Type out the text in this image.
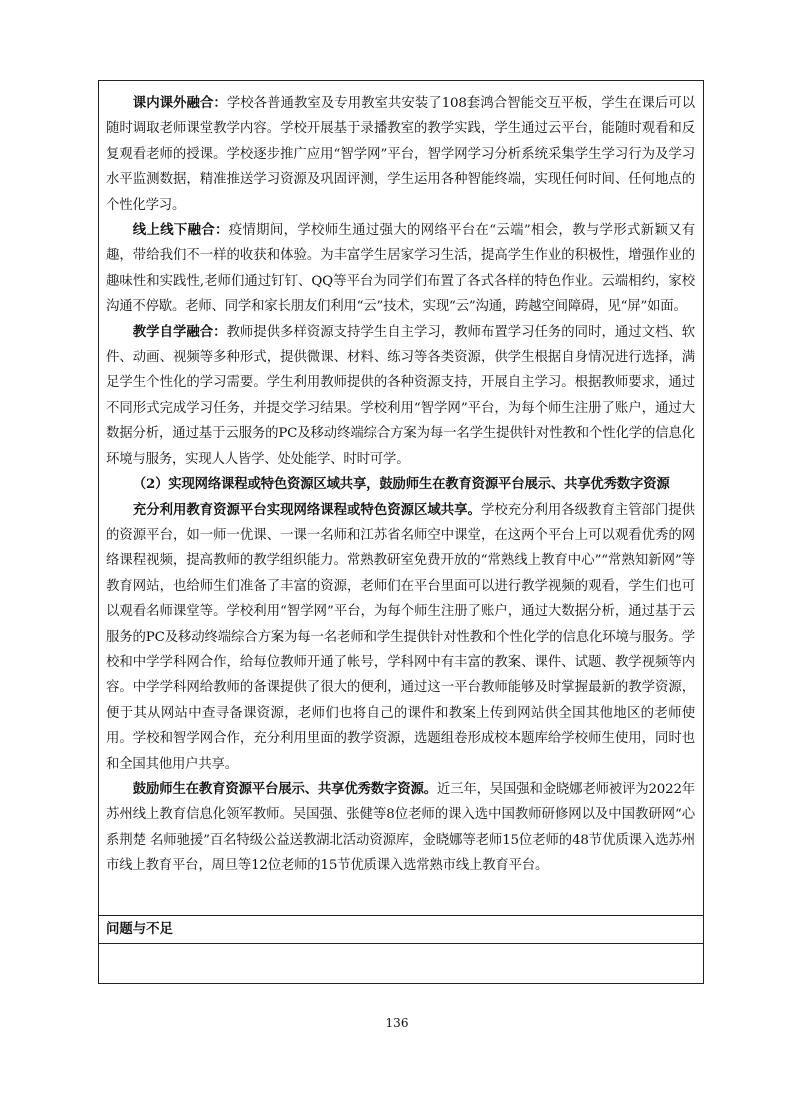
课内课外融合：学校各普通教室及专用教室共安装了108套鸿合智能交互平板，学生在课后可以随时调取老师课堂教学内容。学校开展基于录播教室的教学实践，学生通过云平台，能随时观看和反复观看老师的授课。学校逐步推广应用“智学网”平台，智学网学习分析系统采集学生学习行为及学习水平监测数据，精准推送学习资源及巩固评测，学生运用各种智能终端，实现任何时间、任何地点的个性化学习。

线上线下融合：疫情期间，学校师生通过强大的网络平台在“云端”相会，教与学形式新颖又有趣，带给我们不一样的收获和体验。为丰富学生居家学习生活，提高学生作业的积极性，增强作业的趣味性和实践性,老师们通过钉钉、QQ等平台为同学们布置了各式各样的特色作业。云端相约，家校沟通不停歇。老师、同学和家长朋友们利用“云”技术，实现“云”沟通，跨越空间障碍，见“屏”如面。

教学自学融合：教师提供多样资源支持学生自主学习，教师布置学习任务的同时，通过文档、软件、动画、视频等多种形式，提供微课、材料、练习等各类资源，供学生根据自身情况进行选择，满足学生个性化的学习需要。学生利用教师提供的各种资源支持，开展自主学习。根据教师要求，通过不同形式完成学习任务，并提交学习结果。学校利用“智学网”平台，为每个师生注册了账户，通过大数据分析，通过基于云服务的PC及移动终端综合方案为每一名学生提供针对性教和个性化学的信息化环境与服务，实现人人皆学、处处能学、时时可学。

（2）实现网络课程或特色资源区域共享，鼓励师生在教育资源平台展示、共享优秀数字资源

充分利用教育资源平台实现网络课程或特色资源区域共享。学校充分利用各级教育主管部门提供的资源平台，如一师一优课、一课一名师和江苏省名师空中课堂，在这两个平台上可以观看优秀的网络课程视频，提高教师的教学组织能力。常熟教研室免费开放的“常熟线上教育中心”“常熟知新网”等教育网站，也给师生们准备了丰富的资源，老师们在平台里面可以进行教学视频的观看，学生们也可以观看名师课堂等。学校利用“智学网”平台，为每个师生注册了账户，通过大数据分析，通过基于云服务的PC及移动终端综合方案为每一名老师和学生提供针对性教和个性化学的信息化环境与服务。学校和中学学科网合作，给每位教师开通了帐号，学科网中有丰富的教案、课件、试题、教学视频等内容。中学学科网给教师的备课提供了很大的便利，通过这一平台教师能够及时掌握最新的教学资源，便于其从网站中查寻备课资源，老师们也将自己的课件和教案上传到网站供全国其他地区的老师使用。学校和智学网合作，充分利用里面的教学资源，选题组卷形成校本题库给学校师生使用，同时也和全国其他用户共享。

鼓励师生在教育资源平台展示、共享优秀数字资源。近三年，吴国强和金晓娜老师被评为2022年苏州线上教育信息化领军教师。吴国强、张健等8位老师的课入选中国教师研修网以及中国教研网“心系荆楚 名师驰援”百名特级公益送教湖北活动资源库，金晓娜等老师15位老师的48节优质课入选苏州市线上教育平台，周旦等12位老师的15节优质课入选常熟市线上教育平台。

问题与不足
136
